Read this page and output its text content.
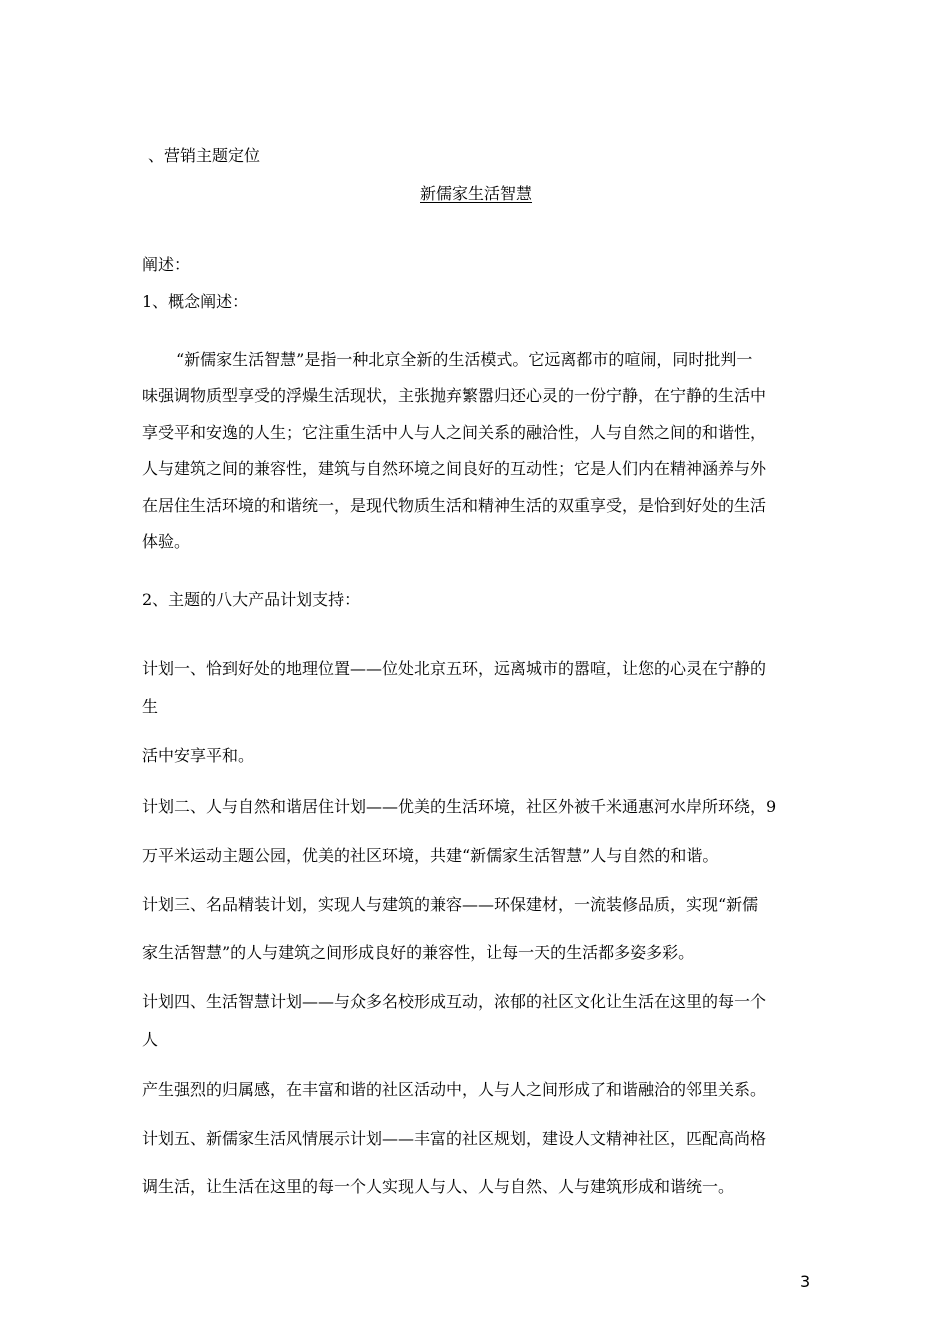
、营销主题定位

新儒家生活智慧

阐述：

1、概念阐述：

“新儒家生活智慧”是指一种北京全新的生活模式。它远离都市的喧闹，同时批判一

味强调物质型享受的浮燥生活现状，主张抛弃繁嚣归还心灵的一份宁静，在宁静的生活中

享受平和安逸的人生；它注重生活中人与人之间关系的融洽性，人与自然之间的和谐性，

人与建筑之间的兼容性，建筑与自然环境之间良好的互动性；它是人们内在精神涵养与外

在居住生活环境的和谐统一，是现代物质生活和精神生活的双重享受，是恰到好处的生活

体验。

2、主题的八大产品计划支持：

计划一、恰到好处的地理位置——位处北京五环，远离城市的嚣喧，让您的心灵在宁静的

生

活中安享平和。

计划二、人与自然和谐居住计划——优美的生活环境，社区外被千米通惠河水岸所环绕，9

万平米运动主题公园，优美的社区环境，共建“新儒家生活智慧”人与自然的和谐。

计划三、名品精装计划，实现人与建筑的兼容——环保建材，一流装修品质，实现“新儒

家生活智慧”的人与建筑之间形成良好的兼容性，让每一天的生活都多姿多彩。

计划四、生活智慧计划——与众多名校形成互动，浓郁的社区文化让生活在这里的每一个

人

产生强烈的归属感，在丰富和谐的社区活动中，人与人之间形成了和谐融洽的邻里关系。

计划五、新儒家生活风情展示计划——丰富的社区规划，建设人文精神社区，匹配高尚格

调生活，让生活在这里的每一个人实现人与人、人与自然、人与建筑形成和谐统一。

3
